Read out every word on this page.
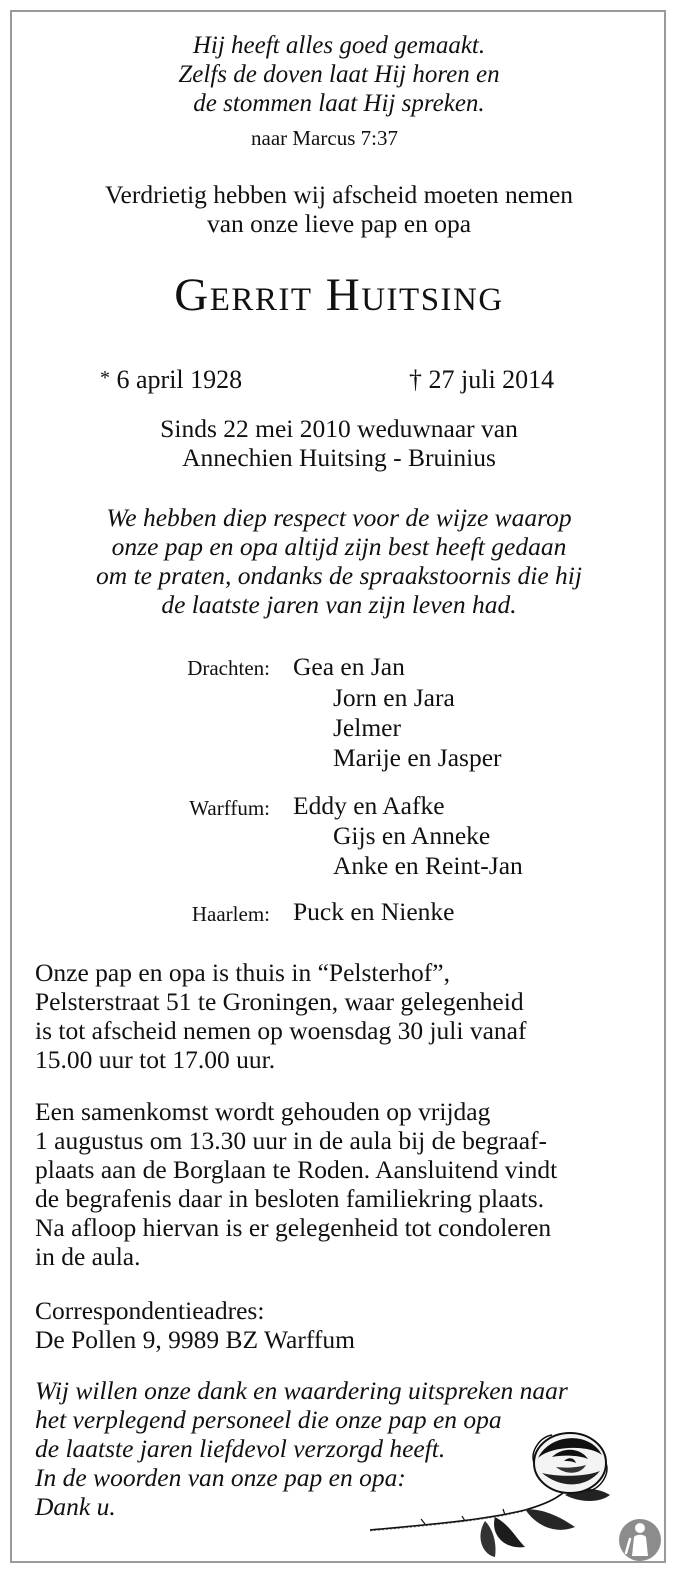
Hij heeft alles goed gemaakt.
Zelfs de doven laat Hij horen en
de stommen laat Hij spreken.
naar Marcus 7:37
Verdrietig hebben wij afscheid moeten nemen
van onze lieve pap en opa
Gerrit Huitsing
* 6 april 1928	† 27 juli 2014
Sinds 22 mei 2010 weduwnaar van
Annechien Huitsing - Bruinius
We hebben diep respect voor de wijze waarop
onze pap en opa altijd zijn best heeft gedaan
om te praten, ondanks de spraakstoornis die hij
de laatste jaren van zijn leven had.
Drachten: Gea en Jan
Jorn en Jara
Jelmer
Marije en Jasper
Warffum: Eddy en Aafke
Gijs en Anneke
Anke en Reint-Jan
Haarlem: Puck en Nienke
Onze pap en opa is thuis in “Pelsterhof”,
Pelsterstraat 51 te Groningen, waar gelegenheid
is tot afscheid nemen op woensdag 30 juli vanaf
15.00 uur tot 17.00 uur.
Een samenkomst wordt gehouden op vrijdag
1 augustus om 13.30 uur in de aula bij de begraaf-
plaats aan de Borglaan te Roden. Aansluitend vindt
de begrafenis daar in besloten familiekring plaats.
Na afloop hiervan is er gelegenheid tot condoleren
in de aula.
Correspondentieadres:
De Pollen 9, 9989 BZ Warffum
Wij willen onze dank en waardering uitspreken naar
het verplegend personeel die onze pap en opa
de laatste jaren liefdevol verzorgd heeft.
In de woorden van onze pap en opa:
Dank u.
